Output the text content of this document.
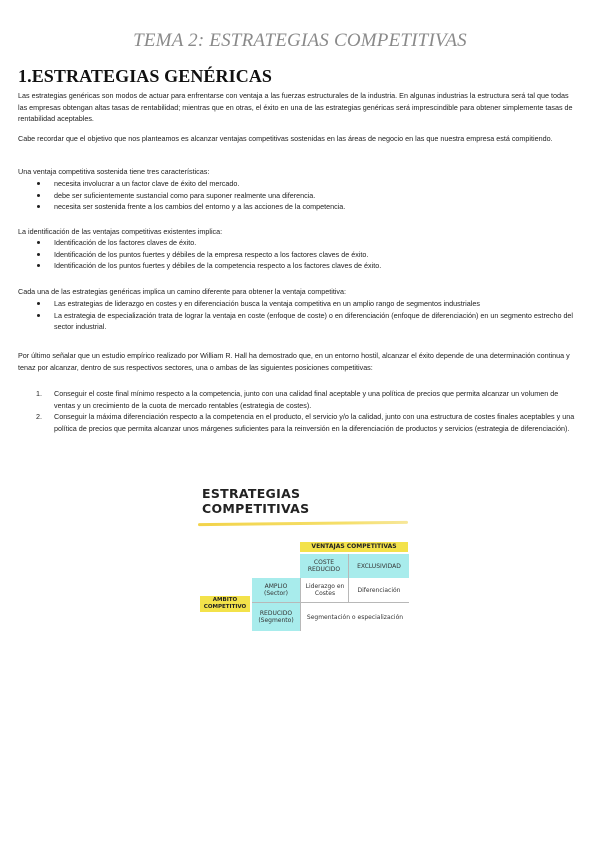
TEMA 2: ESTRATEGIAS COMPETITIVAS
1.ESTRATEGIAS GENÉRICAS

Las estrategias genéricas son modos de actuar para enfrentarse con ventaja a las fuerzas estructurales de la industria. En algunas industrias la estructura será tal que todas las empresas obtengan altas tasas de rentabilidad; mientras que en otras, el éxito en una de las estrategias genéricas será imprescindible para obtener simplemente tasas de rentabilidad aceptables.

Cabe recordar que el objetivo que nos planteamos es alcanzar ventajas competitivas sostenidas en las áreas de negocio en las que nuestra empresa está compitiendo.

Una ventaja competitiva sostenida tiene tres características:

necesita involucrar a un factor clave de éxito del mercado.
debe ser suficientemente sustancial como para suponer realmente una diferencia.
necesita ser sostenida frente a los cambios del entorno y a las acciones de la competencia.

La identificación de las ventajas competitivas existentes implica:

Identificación de los factores claves de éxito.
Identificación de los puntos fuertes y débiles de la empresa respecto a los factores claves de éxito.
Identificación de los puntos fuertes y débiles de la competencia respecto a los factores claves de éxito.

Cada una de las estrategias genéricas implica un camino diferente para obtener la ventaja competitiva:

Las estrategias de liderazgo en costes y en diferenciación busca la ventaja competitiva en un amplio rango de segmentos industriales
La estrategia de especialización trata de lograr la ventaja en coste (enfoque de coste) o en diferenciación (enfoque de diferenciación) en un segmento estrecho del sector industrial.

Por último señalar que un estudio empírico realizado por William R. Hall ha demostrado que, en un entorno hostil, alcanzar el éxito depende de una determinación continua y tenaz por alcanzar, dentro de sus respectivos sectores, una o ambas de las siguientes posiciones competitivas:

1. Conseguir el coste final mínimo respecto a la competencia, junto con una calidad final aceptable y una política de precios que permita alcanzar un volumen de ventas y un crecimiento de la cuota de mercado rentables (estrategia de costes).
2. Conseguir la máxima diferenciación respecto a la competencia en el producto, el servicio y/o la calidad, junto con una estructura de costes finales aceptables y una política de precios que permita alcanzar unos márgenes suficientes para la reinversión en la diferenciación de productos y servicios (estrategia de diferenciación).
ESTRATEGIAS
COMPETITIVAS
VENTAJAS COMPETITIVAS
COSTE REDUCIDO	EXCLUSIVIDAD
AMPLIO (Sector)
REDUCIDO (Segmento)
Liderazgo en Costes	Diferenciación
Segmentación o especialización
AMBITO COMPETITIVO
